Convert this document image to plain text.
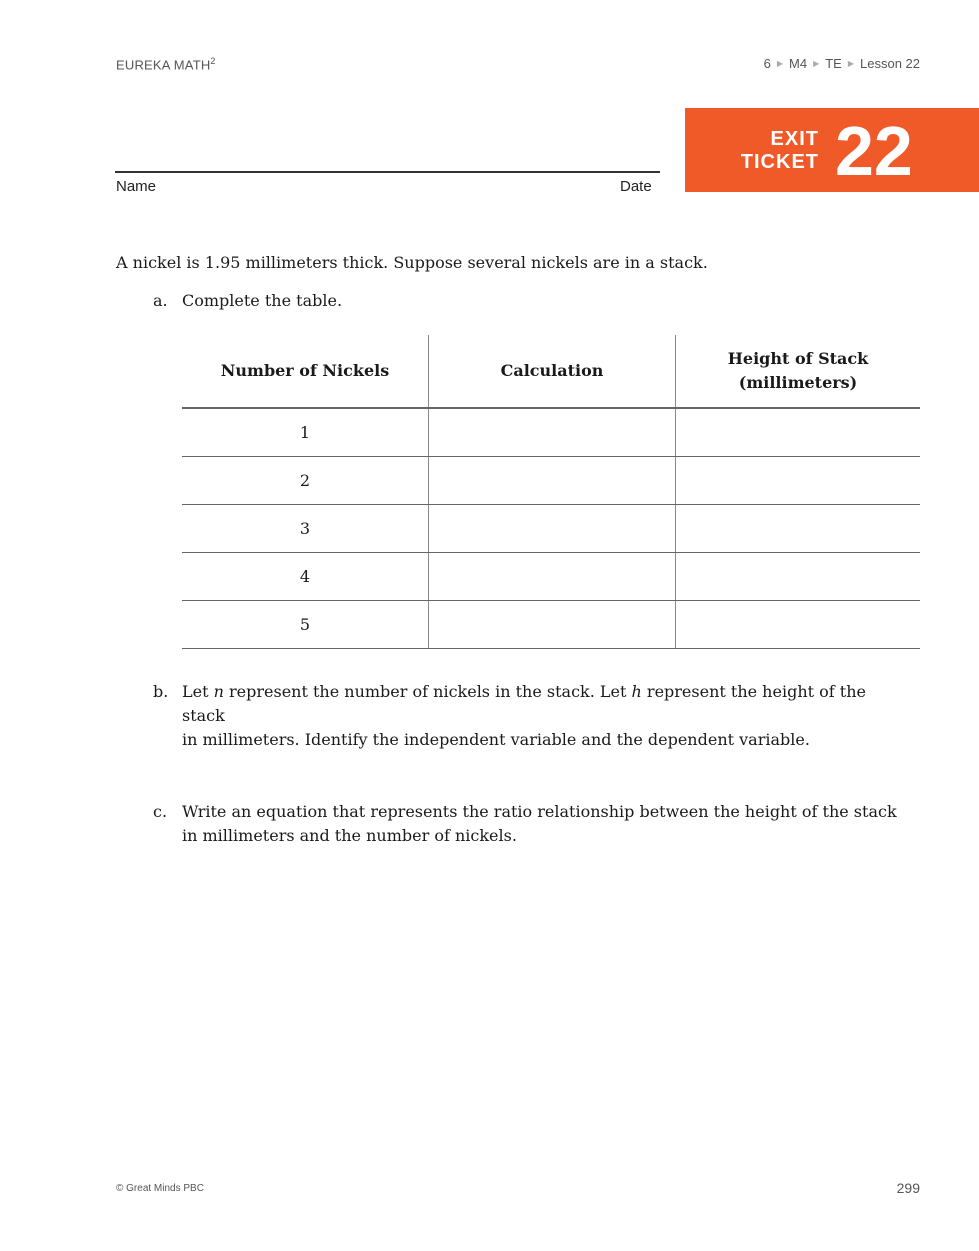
EUREKA MATH$^2$	6 ▶ M4 ▶ TE ▶ Lesson 22
EXIT
TICKET 22
Name	Date
A nickel is 1.95 millimeters thick. Suppose several nickels are in a stack.
a. Complete the table.
Number of Nickels	Calculation	Height of Stack
(millimeters)

1		
2		
3		
4		
5		
b. Let n represent the number of nickels in the stack. Let h represent the height of the stack
in millimeters. Identify the independent variable and the dependent variable.
c. Write an equation that represents the ratio relationship between the height of the stack
in millimeters and the number of nickels.
© Great Minds PBC	299
